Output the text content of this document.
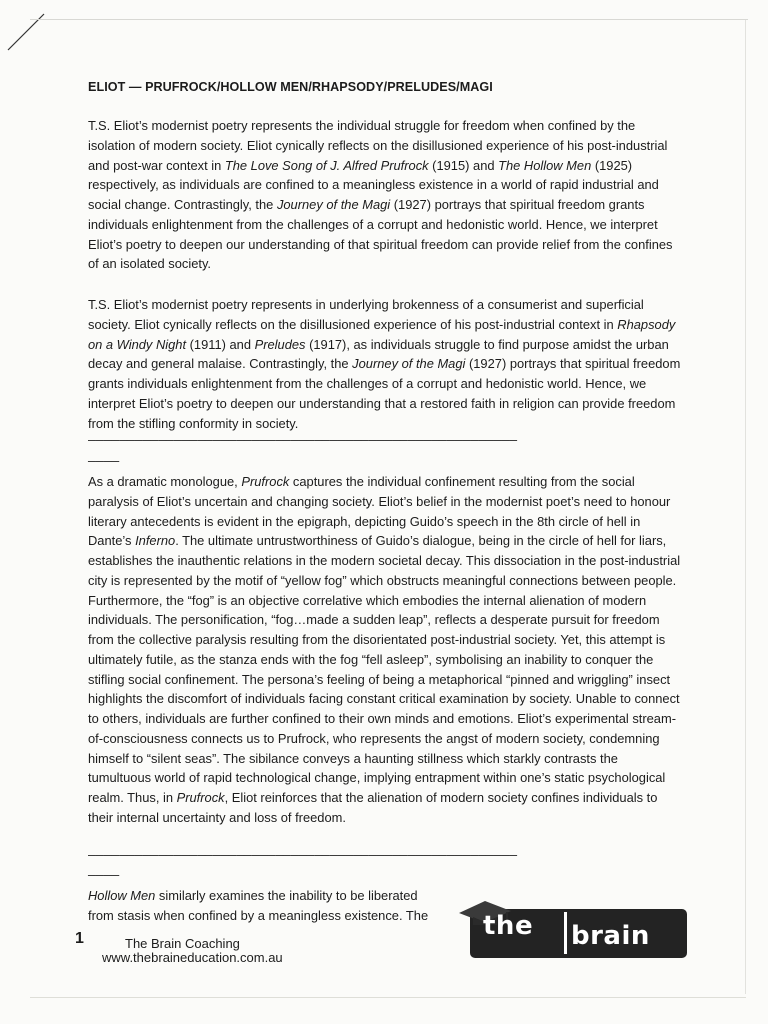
ELIOT — PRUFROCK/HOLLOW MEN/RHAPSODY/PRELUDES/MAGI

T.S. Eliot’s modernist poetry represents the individual struggle for freedom when confined by the isolation of modern society. Eliot cynically reflects on the disillusioned experience of his post-industrial and post-war context in The Love Song of J. Alfred Prufrock (1915) and The Hollow Men (1925) respectively, as individuals are confined to a meaningless existence in a world of rapid industrial and social change. Contrastingly, the Journey of the Magi (1927) portrays that spiritual freedom grants individuals enlightenment from the challenges of a corrupt and hedonistic world. Hence, we interpret Eliot’s poetry to deepen our understanding of that spiritual freedom can provide relief from the confines of an isolated society.

T.S. Eliot’s modernist poetry represents in underlying brokenness of a consumerist and superficial society. Eliot cynically reflects on the disillusioned experience of his post-industrial context in Rhapsody on a Windy Night (1911) and Preludes (1917), as individuals struggle to find purpose amidst the urban decay and general malaise. Contrastingly, the Journey of the Magi (1927) portrays that spiritual freedom grants individuals enlightenment from the challenges of a corrupt and hedonistic world. Hence, we interpret Eliot’s poetry to deepen our understanding that a restored faith in religion can provide freedom from the stifling conformity in society.

———————————————————————————————————————————————————————
————

As a dramatic monologue, Prufrock captures the individual confinement resulting from the social paralysis of Eliot’s uncertain and changing society. Eliot’s belief in the modernist poet’s need to honour literary antecedents is evident in the epigraph, depicting Guido’s speech in the 8th circle of hell in Dante’s Inferno. The ultimate untrustworthiness of Guido’s dialogue, being in the circle of hell for liars, establishes the inauthentic relations in the modern societal decay. This dissociation in the post-industrial city is represented by the motif of “yellow fog” which obstructs meaningful connections between people. Furthermore, the “fog” is an objective correlative which embodies the internal alienation of modern individuals. The personification, “fog…made a sudden leap”, reflects a desperate pursuit for freedom from the collective paralysis resulting from the disorientated post-industrial society. Yet, this attempt is ultimately futile, as the stanza ends with the fog “fell asleep”, symbolising an inability to conquer the stifling social confinement. The persona’s feeling of being a metaphorical “pinned and wriggling” insect highlights the discomfort of individuals facing constant critical examination by society. Unable to connect to others, individuals are further confined to their own minds and emotions. Eliot’s experimental stream-of-consciousness connects us to Prufrock, who represents the angst of modern society, condemning himself to “silent seas”. The sibilance conveys a haunting stillness which starkly contrasts the tumultuous world of rapid technological change, implying entrapment within one’s static psychological realm. Thus, in Prufrock, Eliot reinforces that the alienation of modern society confines individuals to their internal uncertainty and loss of freedom.

———————————————————————————————————————————————————————
————

Hollow Men similarly examines the inability to be liberated from stasis when confined by a meaningless existence. The

1	The Brain Coaching
www.thebraineducation.com.au
the brain
